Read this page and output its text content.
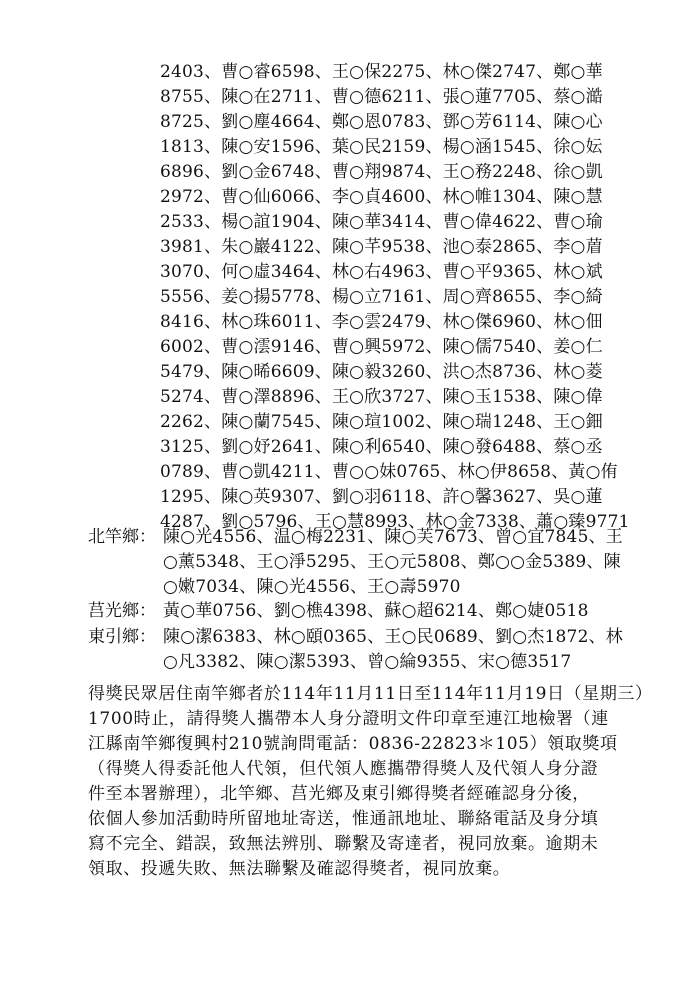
2403、曹○睿6598、王○保2275、林○傑2747、鄭○華
8755、陳○在2711、曹○德6211、張○蓮7705、蔡○澔
8725、劉○塵4664、鄭○恩0783、鄧○芳6114、陳○心
1813、陳○安1596、葉○民2159、楊○涵1545、徐○妘
6896、劉○金6748、曹○翔9874、王○務2248、徐○凱
2972、曹○仙6066、李○貞4600、林○帷1304、陳○慧
2533、楊○誼1904、陳○華3414、曹○偉4622、曹○瑜
3981、朱○巖4122、陳○芊9538、池○泰2865、李○葿
3070、何○虛3464、林○右4963、曹○平9365、林○斌
5556、姜○揚5778、楊○立7161、周○齊8655、李○綺
8416、林○珠6011、李○雲2479、林○傑6960、林○佃
6002、曹○澐9146、曹○興5972、陳○儒7540、姜○仁
5479、陳○晞6609、陳○毅3260、洪○杰8736、林○菱
5274、曹○澤8896、王○欣3727、陳○玉1538、陳○偉
2262、陳○蘭7545、陳○瑄1002、陳○瑞1248、王○鈿
3125、劉○妤2641、陳○利6540、陳○發6488、蔡○丞
0789、曹○凱4211、曹○○妹0765、林○伊8658、黃○侑
1295、陳○英9307、劉○羽6118、許○馨3627、吳○蓮
4287、劉○5796、王○慧8993、林○金7338、蕭○臻9771
北竿鄉： 陳○光4556、温○梅2231、陳○芙7673、曾○宜7845、王
○薰5348、王○淨5295、王○元5808、鄭○○金5389、陳
○嫩7034、陳○光4556、王○壽5970
莒光鄉： 黃○華0756、劉○樵4398、蘇○超6214、鄭○婕0518
東引鄉： 陳○潔6383、林○頤0365、王○民0689、劉○杰1872、林
○凡3382、陳○潔5393、曾○綸9355、宋○德3517
得獎民眾居住南竿鄉者於114年11月11日至114年11月19日（星期三）
1700時止，請得獎人攜帶本人身分證明文件印章至連江地檢署（連
江縣南竿鄉復興村210號詢問電話：0836-22823＊105）領取獎項
（得獎人得委託他人代領，但代領人應攜帶得獎人及代領人身分證
件至本署辦理），北竿鄉、莒光鄉及東引鄉得獎者經確認身分後，
依個人參加活動時所留地址寄送，惟通訊地址、聯絡電話及身分填
寫不完全、錯誤，致無法辨別、聯繫及寄達者，視同放棄。逾期未
領取、投遞失敗、無法聯繫及確認得獎者，視同放棄。
